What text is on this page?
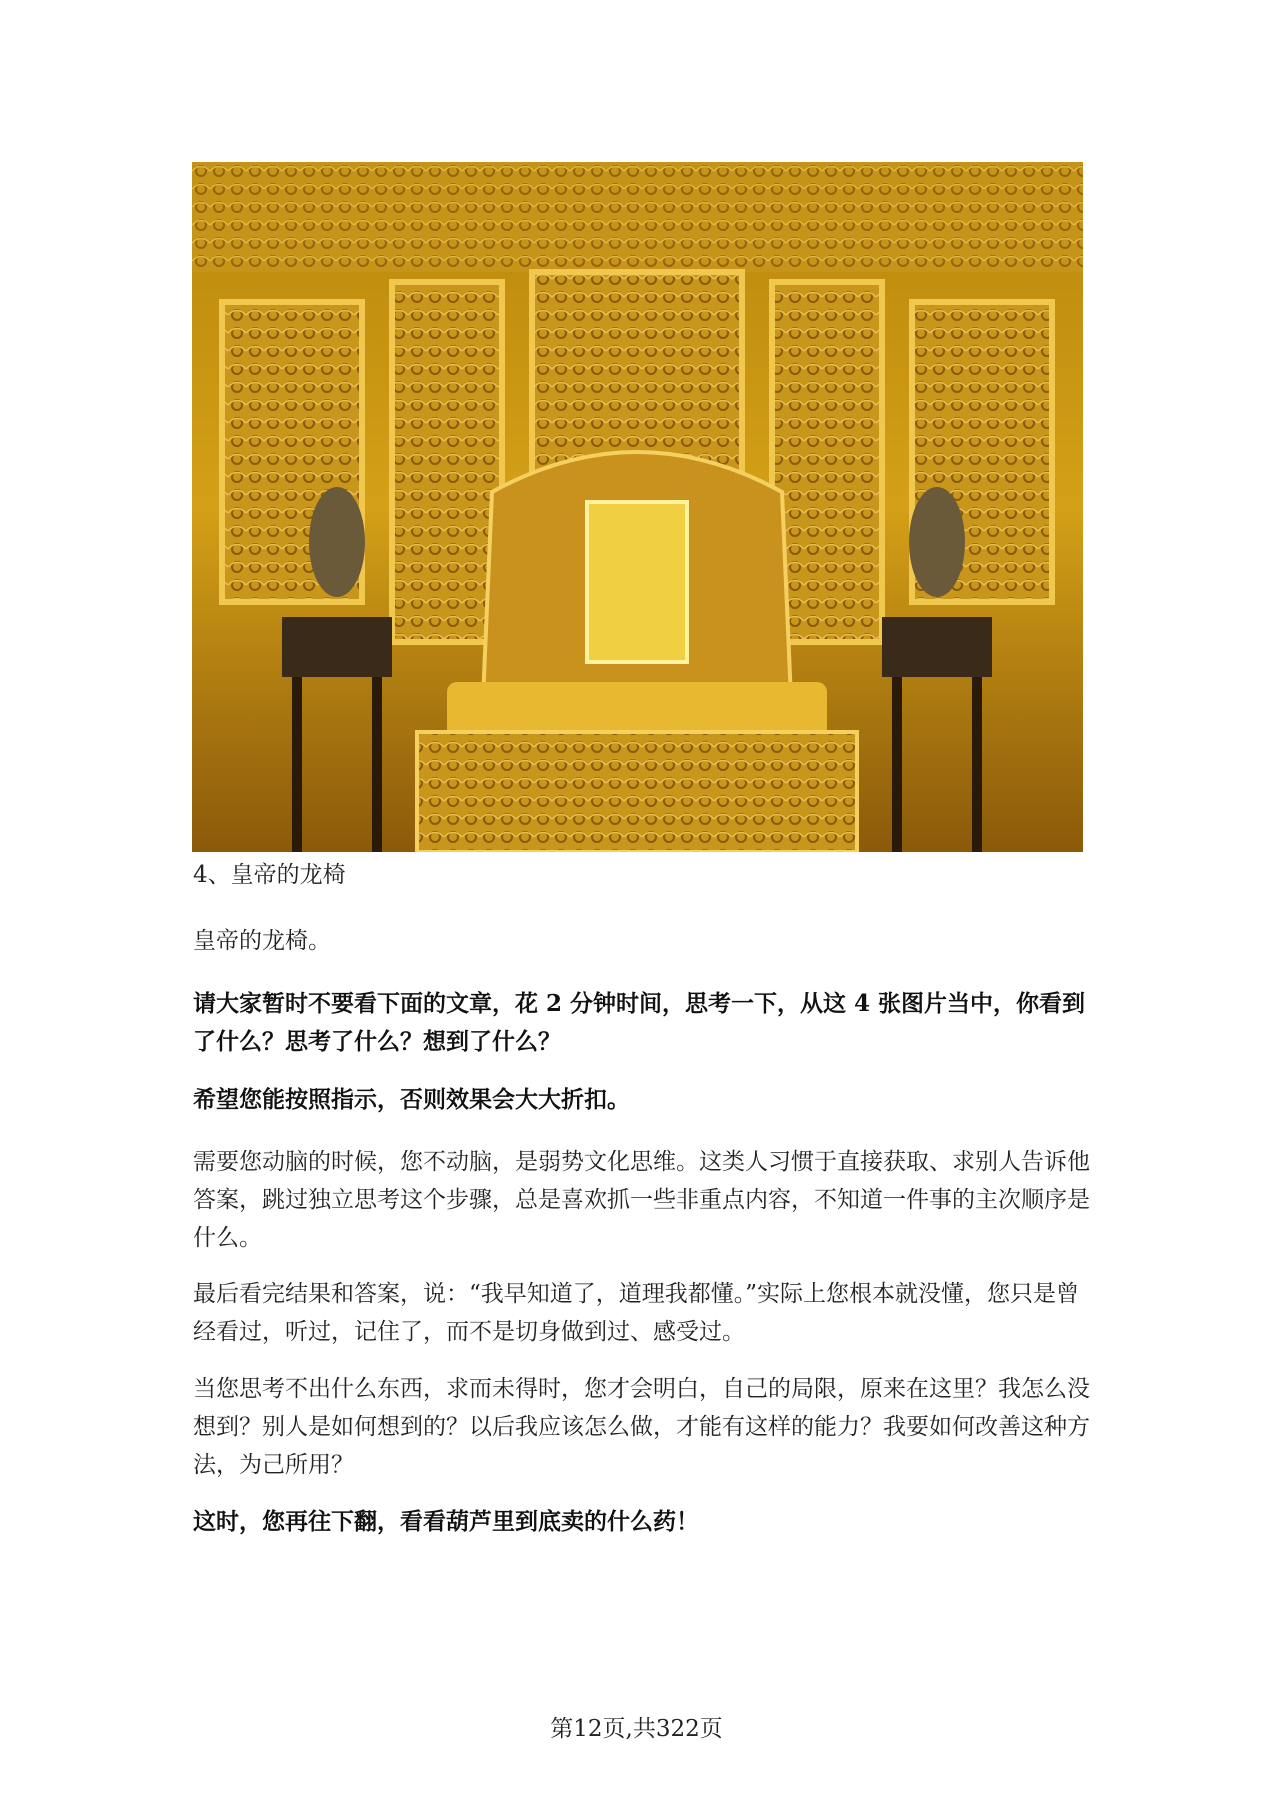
4、皇帝的龙椅

皇帝的龙椅。

请大家暂时不要看下面的文章，花 2 分钟时间，思考一下，从这 4 张图片当中，你看到了什么？思考了什么？想到了什么？

希望您能按照指示，否则效果会大大折扣。

需要您动脑的时候，您不动脑，是弱势文化思维。这类人习惯于直接获取、求别人告诉他答案，跳过独立思考这个步骤，总是喜欢抓一些非重点内容，不知道一件事的主次顺序是什么。

最后看完结果和答案，说：“我早知道了，道理我都懂。”实际上您根本就没懂，您只是曾经看过，听过，记住了，而不是切身做到过、感受过。

当您思考不出什么东西，求而未得时，您才会明白，自己的局限，原来在这里？我怎么没想到？别人是如何想到的？以后我应该怎么做，才能有这样的能力？我要如何改善这种方法，为己所用？

这时，您再往下翻，看看葫芦里到底卖的什么药！

第12页,共322页
